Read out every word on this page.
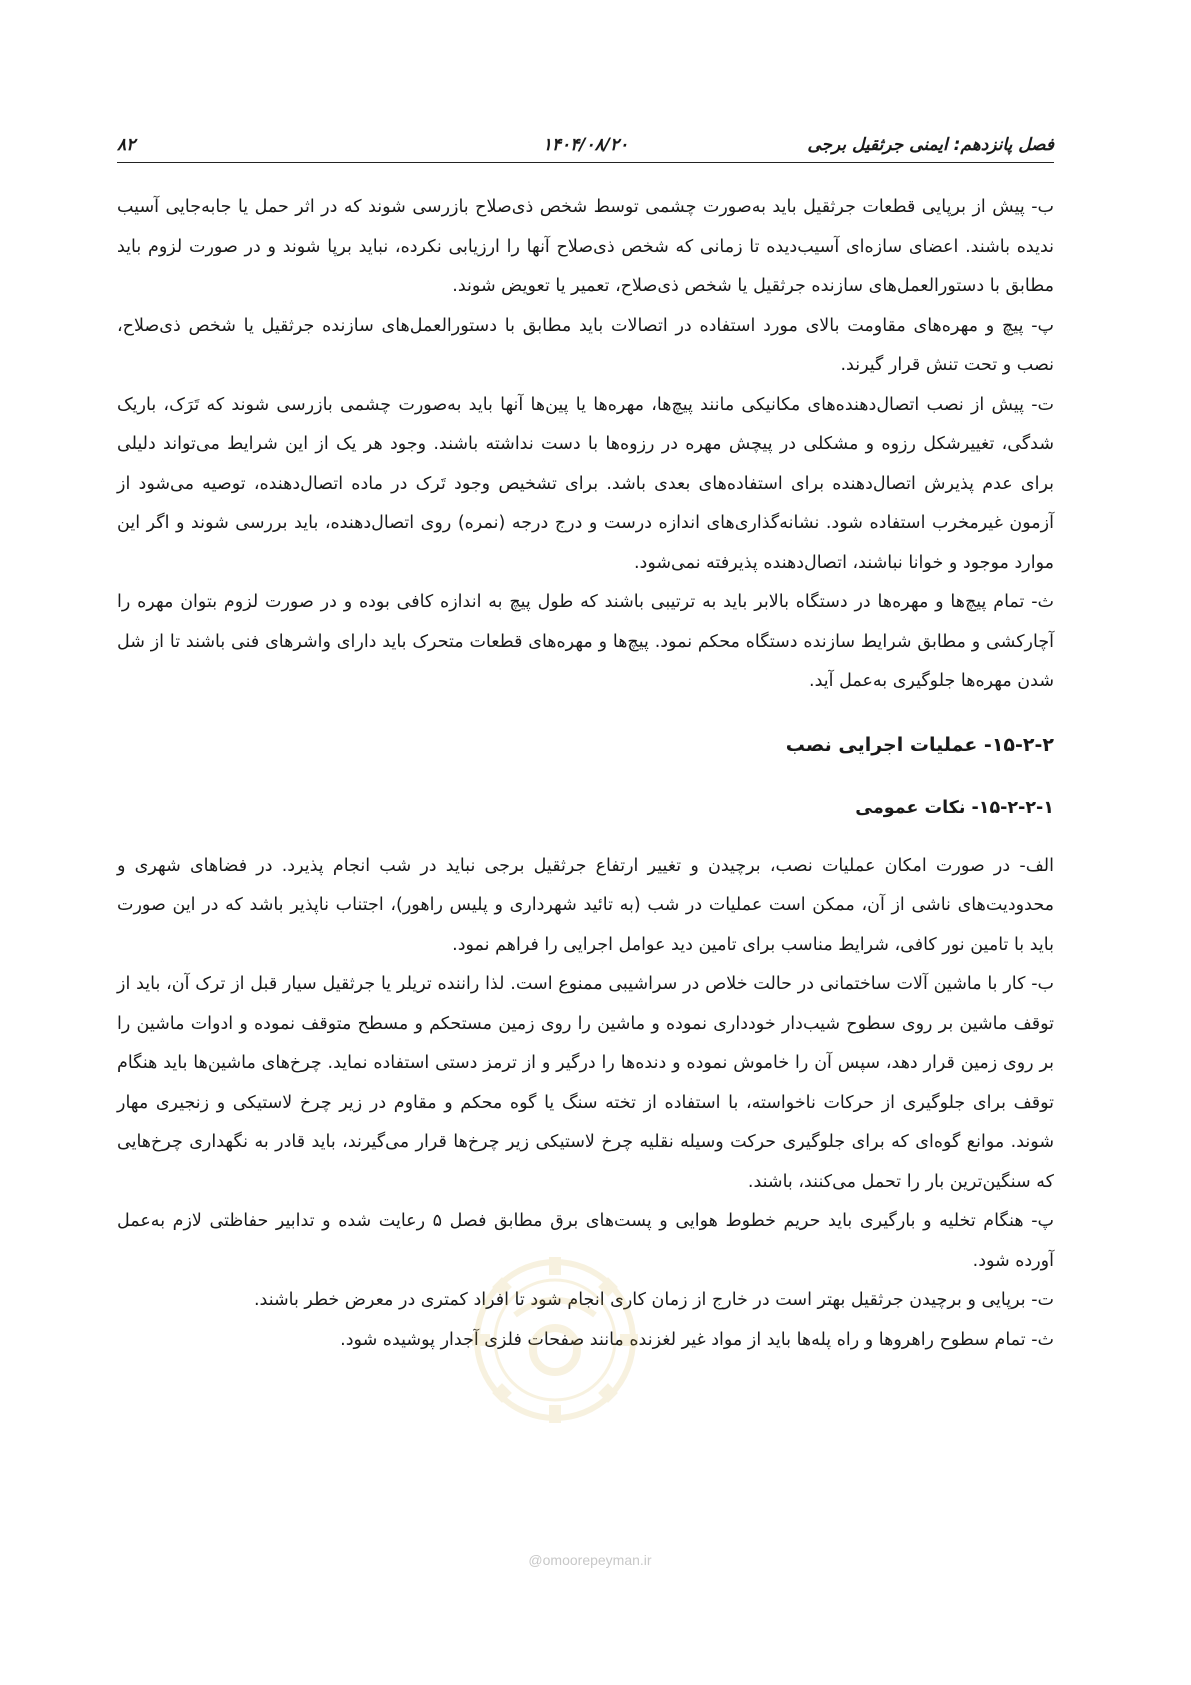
فصل پانزدهم: ایمنی جرثقیل برجی
۱۴۰۴/۰۸/۲۰
۸۲

ب- پیش از برپایی قطعات جرثقیل باید به‌صورت چشمی توسط شخص ذی‌صلاح بازرسی شوند که در اثر حمل یا جابه‌جایی آسیب ندیده باشند. اعضای سازه‌ای آسیب‌دیده تا زمانی که شخص ذی‌صلاح آنها را ارزیابی نکرده، نباید برپا شوند و در صورت لزوم باید مطابق با دستورالعمل‌های سازنده جرثقیل یا شخص ذی‌صلاح، تعمیر یا تعویض شوند.

پ- پیچ و مهره‌های مقاومت بالای مورد استفاده در اتصالات باید مطابق با دستورالعمل‌های سازنده جرثقیل یا شخص ذی‌صلاح، نصب و تحت تنش قرار گیرند.

ت- پیش از نصب اتصال‌دهنده‌های مکانیکی مانند پیچ‌ها، مهره‌ها یا پین‌ها آنها باید به‌صورت چشمی بازرسی شوند که تَرَک، باریک شدگی، تغییرشکل رزوه و مشکلی در پیچش مهره در رزوه‌ها با دست نداشته باشند. وجود هر یک از این شرایط می‌تواند دلیلی برای عدم پذیرش اتصال‌دهنده برای استفاده‌های بعدی باشد. برای تشخیص وجود تَرک در ماده اتصال‌دهنده، توصیه می‌شود از آزمون غیرمخرب استفاده شود. نشانه‌گذاری‌های اندازه درست و درج درجه (نمره) روی اتصال‌دهنده، باید بررسی شوند و اگر این موارد موجود و خوانا نباشند، اتصال‌دهنده پذیرفته نمی‌شود.

ث- تمام پیچ‌ها و مهره‌ها در دستگاه بالابر باید به ترتیبی باشند که طول پیچ به اندازه کافی بوده و در صورت لزوم بتوان مهره را آچارکشی و مطابق شرایط سازنده دستگاه محکم نمود. پیچ‌ها و مهره‌های قطعات متحرک باید دارای واشرهای فنی باشند تا از شل شدن مهره‌ها جلوگیری به‌عمل آید.

۱۵-۲-۲- عملیات اجرایی نصب
۱۵-۲-۲-۱- نکات عمومی

الف- در صورت امکان عملیات نصب، برچیدن و تغییر ارتفاع جرثقیل برجی نباید در شب انجام پذیرد. در فضاهای شهری و محدودیت‌های ناشی از آن، ممکن است عملیات در شب (به تائید شهرداری و پلیس راهور)، اجتناب ناپذیر باشد که در این صورت باید با تامین نور کافی، شرایط مناسب برای تامین دید عوامل اجرایی را فراهم نمود.

ب- کار با ماشین آلات ساختمانی در حالت خلاص در سراشیبی ممنوع است. لذا راننده تریلر یا جرثقیل سیار قبل از ترک آن، باید از توقف ماشین بر روی سطوح شیب‌دار خودداری نموده و ماشین را روی زمین مستحکم و مسطح متوقف نموده و ادوات ماشین را بر روی زمین قرار دهد، سپس آن را خاموش نموده و دنده‌ها را درگیر و از ترمز دستی استفاده نماید. چرخ‌های ماشین‌ها باید هنگام توقف برای جلوگیری از حرکات ناخواسته، با استفاده از تخته سنگ یا گوه محکم و مقاوم در زیر چرخ لاستیکی و زنجیری مهار شوند. موانع گوه‌ای که برای جلوگیری حرکت وسیله نقلیه چرخ لاستیکی زیر چرخ‌ها قرار می‌گیرند، باید قادر به نگهداری چرخ‌هایی که سنگین‌ترین بار را تحمل می‌کنند، باشند.

پ- هنگام تخلیه و بارگیری باید حریم خطوط هوایی و پست‌های برق مطابق فصل ۵ رعایت شده و تدابیر حفاظتی لازم به‌عمل آورده شود.

ت- برپایی و برچیدن جرثقیل بهتر است در خارج از زمان کاری انجام شود تا افراد کمتری در معرض خطر باشند.

ث- تمام سطوح راهروها و راه پله‌ها باید از مواد غیر لغزنده مانند صفحات فلزی آجدار پوشیده شود.

@omoorepeyman.ir
